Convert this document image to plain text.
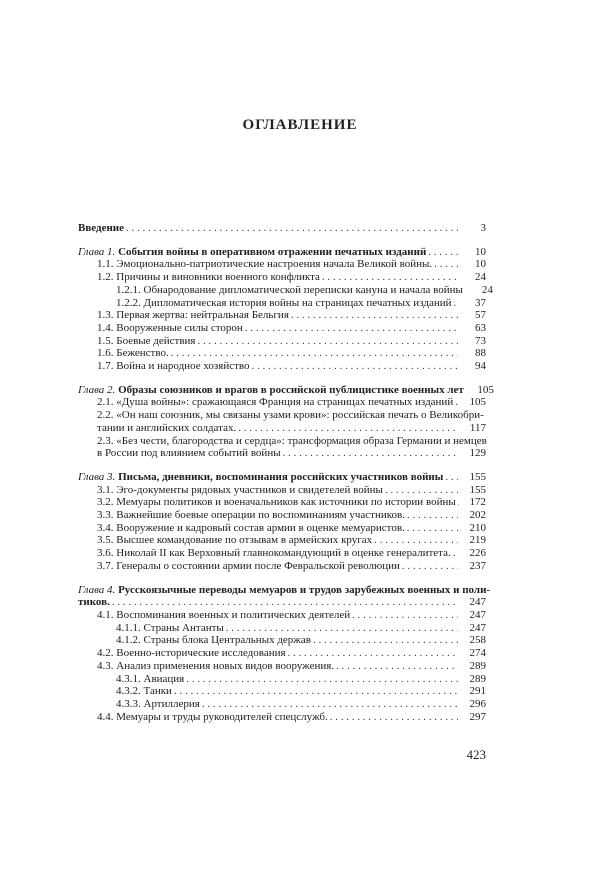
ОГЛАВЛЕНИЕ
Введение . . .	3
Глава 1. События войны в оперативном отражении печатных изданий . . .	10
1.1. Эмоционально-патриотические настроения начала Великой войны. . . .	10
1.2. Причины и виновники военного конфликта . . .	24
1.2.1. Обнародование дипломатической переписки кануна и начала войны	24
1.2.2. Дипломатическая история войны на страницах печатных изданий . . .	37
1.3. Первая жертва: нейтральная Бельгия . . .	57
1.4. Вооруженные силы сторон . . .	63
1.5. Боевые действия . . .	73
1.6. Беженство. . . .	88
1.7. Война и народное хозяйство . . .	94
Глава 2. Образы союзников и врагов в российской публицистике военных лет	105
2.1. «Душа войны»: сражающаяся Франция на страницах печатных изданий . . .	105
2.2. «Он наш союзник, мы связаны узами крови»: российская печать о Великобри-
тании и английских солдатах. . . .	117
2.3. «Без чести, благородства и сердца»: трансформация образа Германии и немцев
в России под влиянием событий войны . . .	129
Глава 3. Письма, дневники, воспоминания российских участников войны . . .	155
3.1. Эго-документы рядовых участников и свидетелей войны . . .	155
3.2. Мемуары политиков и военачальников как источники по истории войны . . .	172
3.3. Важнейшие боевые операции по воспоминаниям участников. . . .	202
3.4. Вооружение и кадровый состав армии в оценке мемуаристов. . . .	210
3.5. Высшее командование по отзывам в армейских кругах . . .	219
3.6. Николай II как Верховный главнокомандующий в оценке генералитета. . . .	226
3.7. Генералы о состоянии армии после Февральской революции . . .	237
Глава 4. Русскоязычные переводы мемуаров и трудов зарубежных военных и поли-
тиков. . . .	247
4.1. Воспоминания военных и политических деятелей . . .	247
4.1.1. Страны Антанты . . .	247
4.1.2. Страны блока Центральных держав . . .	258
4.2. Военно-исторические исследования . . .	274
4.3. Анализ применения новых видов вооружения. . . .	289
4.3.1. Авиация . . .	289
4.3.2. Танки . . .	291
4.3.3. Артиллерия . . .	296
4.4. Мемуары и труды руководителей спецслужб. . . .	297
423
